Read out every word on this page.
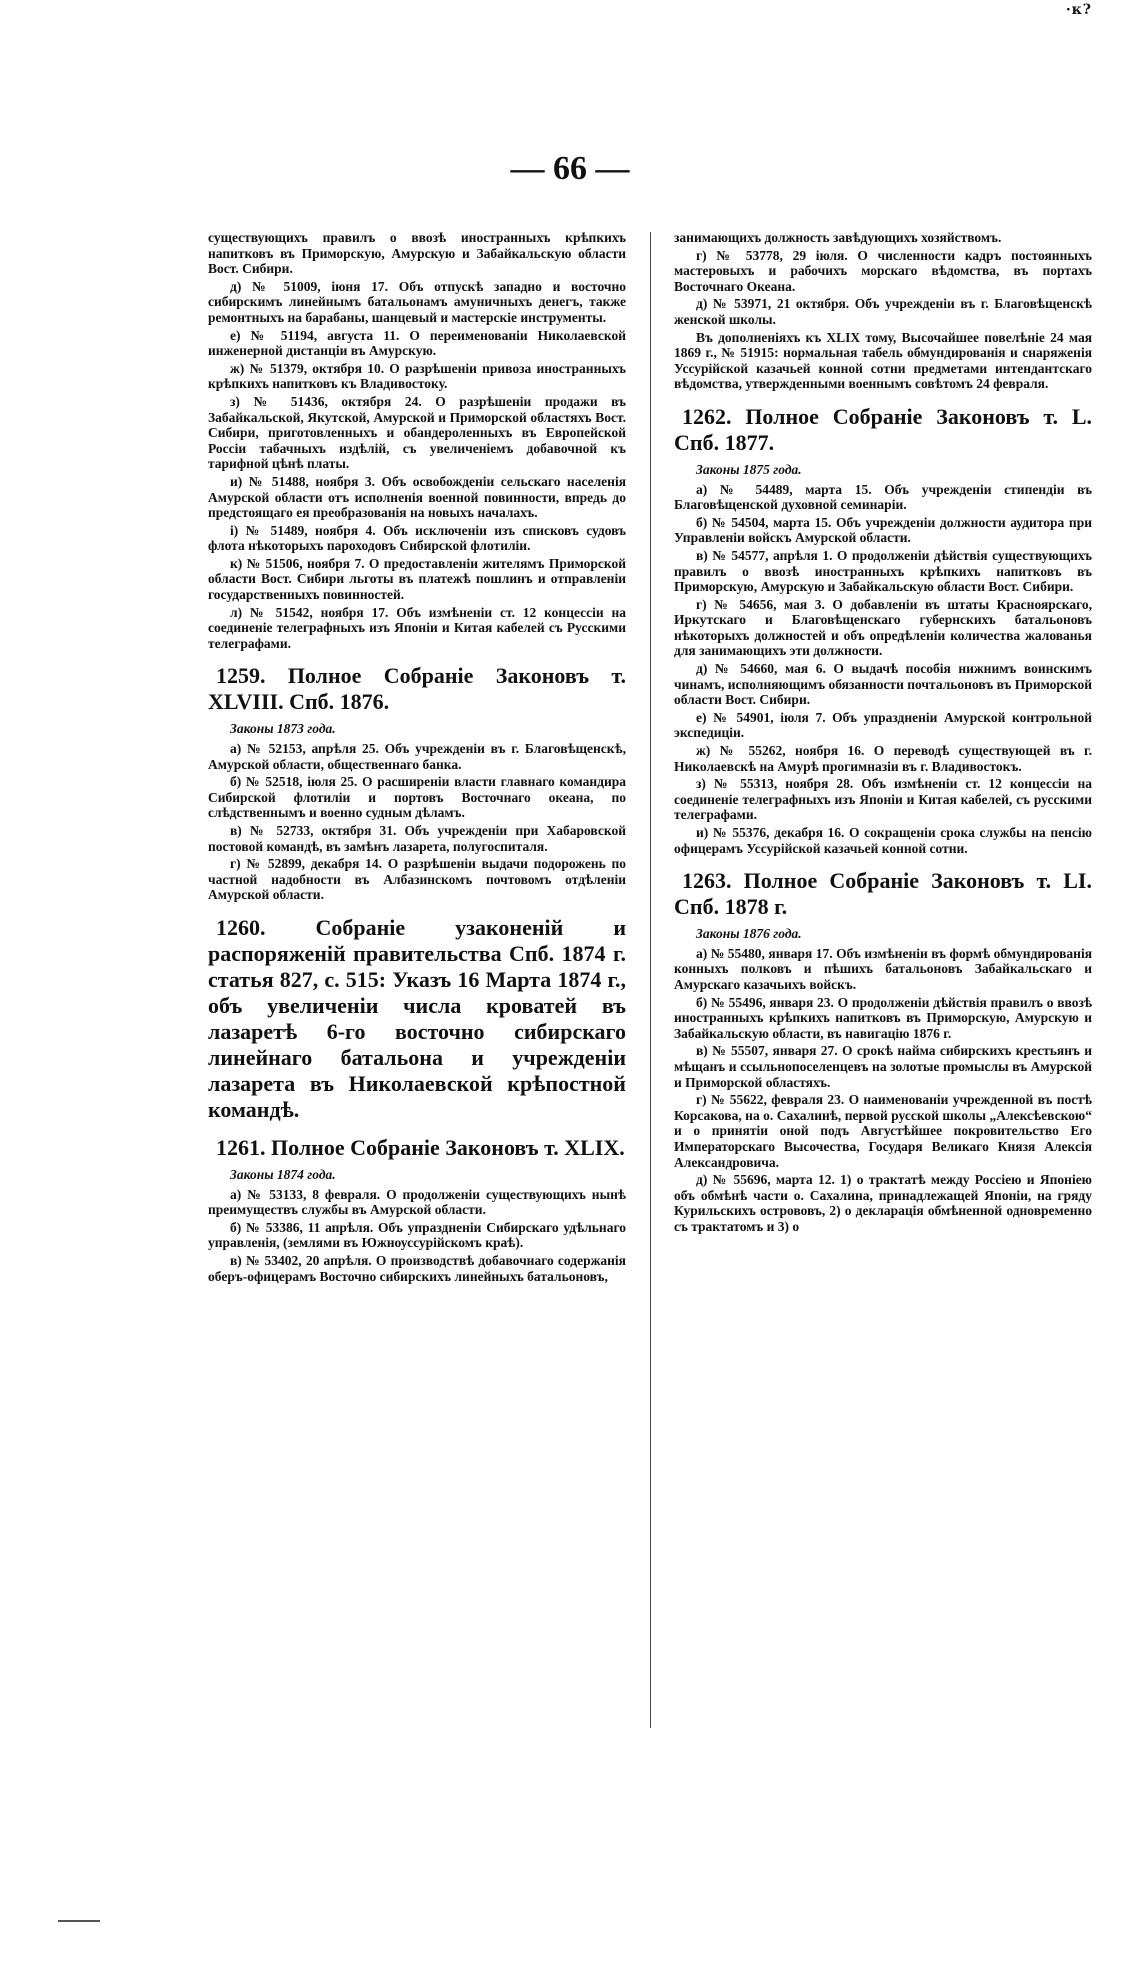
·к?
— 66 —
существующихъ правилъ о ввозѣ иностранныхъ крѣпкихъ напитковъ въ Приморскую, Амурскую и Забайкальскую области Вост. Сибири.
д) № 51009, іюня 17. Объ отпускѣ западно и восточно сибирскимъ линейнымъ батальонамъ амуничныхъ денегъ, также ремонтныхъ на барабаны, шанцевый и мастерскіе инструменты.
е) № 51194, августа 11. О переименованіи Николаевской инженерной дистанціи въ Амурскую.
ж) № 51379, октября 10. О разрѣшеніи привоза иностранныхъ крѣпкихъ напитковъ къ Владивостоку.
з) № 51436, октября 24. О разрѣшеніи продажи въ Забайкальской, Якутской, Амурской и Приморской областяхъ Вост. Сибири, приготовленныхъ и обандероленныхъ въ Европейской Россіи табачныхъ издѣлій, съ увеличеніемъ добавочной къ тарифной цѣнѣ платы.
и) № 51488, ноября 3. Объ освобожденіи сельскаго населенія Амурской области отъ исполненія военной повинности, впредь до предстоящаго ея преобразованія на новыхъ началахъ.
і) № 51489, ноября 4. Объ исключеніи изъ списковъ судовъ флота нѣкоторыхъ пароходовъ Сибирской флотиліи.
к) № 51506, ноября 7. О предоставленіи жителямъ Приморской области Вост. Сибири льготы въ платежѣ пошлинъ и отправленіи государственныхъ повинностей.
л) № 51542, ноября 17. Объ измѣненіи ст. 12 концессіи на соединеніе телеграфныхъ изъ Японіи и Китая кабелей съ Русскими телеграфами.
1259. Полное Собраніе Законовъ т. XLVIII. Спб. 1876.
Законы 1873 года.
а) № 52153, апрѣля 25. Объ учрежденіи въ г. Благовѣщенскѣ, Амурской области, общественнаго банка.
б) № 52518, іюля 25. О расширеніи власти главнаго командира Сибирской флотиліи и портовъ Восточнаго океана, по слѣдственнымъ и военно судным дѣламъ.
в) № 52733, октября 31. Объ учрежденіи при Хабаровской постовой командѣ, въ замѣнъ лазарета, полугоспиталя.
г) № 52899, декабря 14. О разрѣшеніи выдачи подорожень по частной надобности въ Албазинскомъ почтовомъ отдѣленіи Амурской области.
1260. Собраніе узаконеній и распоряженій правительства Спб. 1874 г. статья 827, с. 515: Указъ 16 Марта 1874 г., объ увеличеніи числа кроватей въ лазаретѣ 6-го восточно сибирскаго линейнаго батальона и учрежденіи лазарета въ Николаевской крѣпостной командѣ.
1261. Полное Собраніе Законовъ т. XLIX.
Законы 1874 года.
а) № 53133, 8 февраля. О продолженіи существующихъ нынѣ преимуществъ службы въ Амурской области.
б) № 53386, 11 апрѣля. Объ упраздненіи Сибирскаго удѣльнаго управленія, (землями въ Южноуссурійскомъ краѣ).
в) № 53402, 20 апрѣля. О производствѣ добавочнаго содержанія оберъ-офицерамъ Восточно сибирскихъ линейныхъ батальоновъ,
занимающихъ должность завѣдующихъ хозяйствомъ.
г) № 53778, 29 іюля. О численности кадръ постоянныхъ мастеровыхъ и рабочихъ морскаго вѣдомства, въ портахъ Восточнаго Океана.
д) № 53971, 21 октября. Объ учрежденіи въ г. Благовѣщенскѣ женской школы.
Въ дополненіяхъ къ XLIX тому, Высочайшее повелѣніе 24 мая 1869 г., № 51915: нормальная табель обмундированія и снаряженія Уссурійской казачьей конной сотни предметами интендантскаго вѣдомства, утвержденными военнымъ совѣтомъ 24 февраля.
1262. Полное Собраніе Законовъ т. L. Спб. 1877.
Законы 1875 года.
а) № 54489, марта 15. Объ учрежденіи стипендіи въ Благовѣщенской духовной семинаріи.
б) № 54504, марта 15. Объ учрежденіи должности аудитора при Управленіи войскъ Амурской области.
в) № 54577, апрѣля 1. О продолженіи дѣйствія существующихъ правилъ о ввозѣ иностранныхъ крѣпкихъ напитковъ въ Приморскую, Амурскую и Забайкальскую области Вост. Сибири.
г) № 54656, мая 3. О добавленіи въ штаты Красноярскаго, Иркутскаго и Благовѣщенскаго губернскихъ батальоновъ нѣкоторыхъ должностей и объ опредѣленіи количества жалованья для занимающихъ эти должности.
д) № 54660, мая 6. О выдачѣ пособія нижнимъ воинскимъ чинамъ, исполняющимъ обязанности почтальоновъ въ Приморской области Вост. Сибири.
е) № 54901, іюля 7. Объ упраздненіи Амурской контрольной экспедиціи.
ж) № 55262, ноября 16. О переводѣ существующей въ г. Николаевскѣ на Амурѣ прогимназіи въ г. Владивостокъ.
з) № 55313, ноября 28. Объ измѣненіи ст. 12 концессіи на соединеніе телеграфныхъ изъ Японіи и Китая кабелей, съ русскими телеграфами.
и) № 55376, декабря 16. О сокращеніи срока службы на пенсію офицерамъ Уссурійской казачьей конной сотни.
1263. Полное Собраніе Законовъ т. LI. Спб. 1878 г.
Законы 1876 года.
а) № 55480, января 17. Объ измѣненіи въ формѣ обмундированія конныхъ полковъ и пѣшихъ батальоновъ Забайкальскаго и Амурскаго казачьихъ войскъ.
б) № 55496, января 23. О продолженіи дѣйствія правилъ о ввозѣ иностранныхъ крѣпкихъ напитковъ въ Приморскую, Амурскую и Забайкальскую области, въ навигацію 1876 г.
в) № 55507, января 27. О срокѣ найма сибирскихъ крестьянъ и мѣщанъ и ссыльнопоселенцевъ на золотые промыслы въ Амурской и Приморской областяхъ.
г) № 55622, февраля 23. О наименованіи учрежденной въ постѣ Корсакова, на о. Сахалинѣ, первой русской школы „Алексѣевскою“ и о принятіи оной подъ Августѣйшее покровительство Его Императорскаго Высочества, Государя Великаго Князя Алексія Александровича.
д) № 55696, марта 12. 1) о трактатѣ между Россіею и Японіею объ обмѣнѣ части о. Сахалина, принадлежащей Японіи, на гряду Курильскихъ острововъ, 2) о декларація обмѣненной одновременно съ трактатомъ и 3) о
